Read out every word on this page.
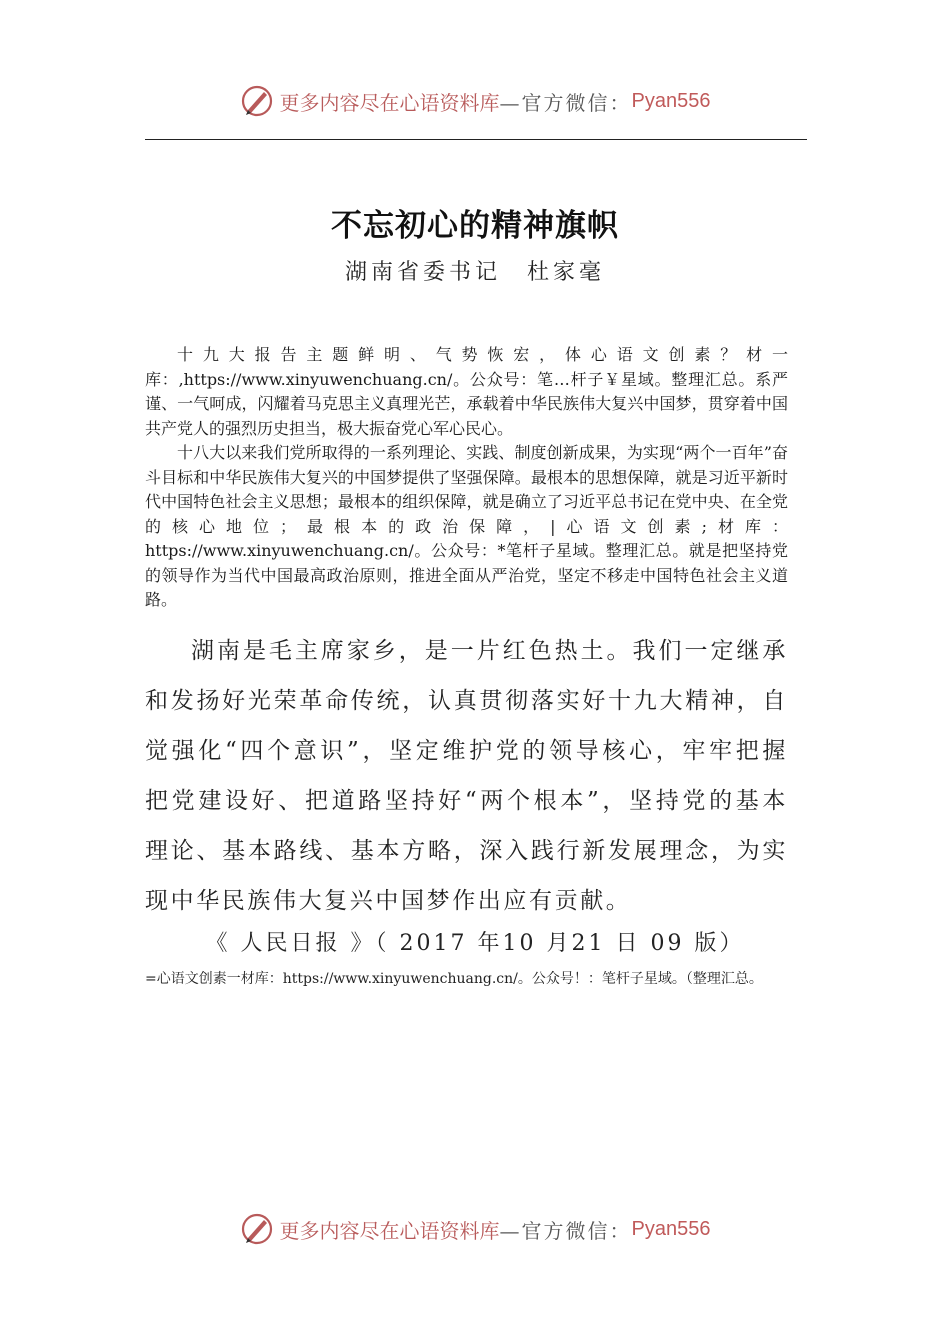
更多内容尽在心语资料库 —官方微信： Pyan556
不忘初心的精神旗帜
湖南省委书记　杜家毫

十九大报告主题鲜明、气势恢宏，体心语文创素？材一库：,https://www.xinyuwenchuang.cn/。公众号：笔…杆子￥星域。整理汇总。系严谨、一气呵成，闪耀着马克思主义真理光芒，承载着中华民族伟大复兴中国梦，贯穿着中国共产党人的强烈历史担当，极大振奋党心军心民心。

十八大以来我们党所取得的一系列理论、实践、制度创新成果，为实现“两个一百年”奋斗目标和中华民族伟大复兴的中国梦提供了坚强保障。最根本的思想保障，就是习近平新时代中国特色社会主义思想；最根本的组织保障，就是确立了习近平总书记在党中央、在全党的核心地位；最根本的政治保障，|心语文创素;材库：https://www.xinyuwenchuang.cn/。公众号：*笔杆子星域。整理汇总。就是把坚持党的领导作为当代中国最高政治原则，推进全面从严治党，坚定不移走中国特色社会主义道路。

湖南是毛主席家乡，是一片红色热土。我们一定继承和发扬好光荣革命传统，认真贯彻落实好十九大精神，自觉强化“四个意识”，坚定维护党的领导核心，牢牢把握把党建设好、把道路坚持好“两个根本”，坚持党的基本理论、基本路线、基本方略，深入践行新发展理念，为实现中华民族伟大复兴中国梦作出应有贡献。

《 人民日报 》（ 2017 年10 月21 日 09 版）
=心语文创素一材库：https://www.xinyuwenchuang.cn/。公众号！：笔杆子星域。（整理汇总。
更多内容尽在心语资料库 —官方微信： Pyan556
